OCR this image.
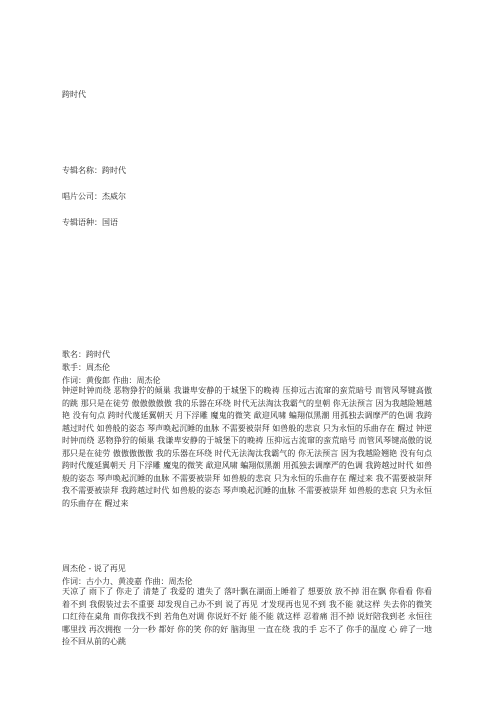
跨时代
专辑名称：跨时代
唱片公司：杰威尔
专辑语种：国语
歌名：跨时代
歌手：周杰伦
作词：黄俊郎 作曲：周杰伦
钟逆时钟而绕 恶物狰狞的倾巢 我谦卑安静的于城堡下的晚祷 压抑远古流窜的蛮荒暗号 而管风琴键高傲的跳 那只是在徒劳 傲傲傲傲傲 我的乐器在环绕 时代无法淘汰我霸气的皇朝 你无法预言 因为我越险翘越艳 没有句点 跨时代蔑延翼朝天 月下浮雕 魔鬼的微笑 歃迎风啸 蝙翔似黑潮 用孤独去调摩严的色调 我跨越过时代 如兽般的姿态 琴声唤起沉睡的血脉 不需要被崇拜 如兽般的悲哀 只为永恒的乐曲存在 醒过 钟逆时钟而绕 恶物狰狞的倾巢 我谦卑安静的于城堡下的晚祷 压抑远古流窜的蛮荒暗号 而管风琴键高傲的说 那只是在徒劳 傲傲傲傲傲 我的乐器在环绕 时代无法淘汰我霸气的 你无法预言 因为我越险翘艳 没有句点 跨时代蔑延翼朝天 月下浮雕 魔鬼的微笑 歃迎风啸 蝙翔似黑潮 用孤独去调摩严的色调 我跨越过时代 如兽般的姿态 琴声唤起沉睡的血脉 不需要被崇拜 如兽般的悲哀 只为永恒的乐曲存在 醒过来 我不需要被崇拜 我不需要被崇拜 我跨越过时代 如兽般的姿态 琴声唤起沉睡的血脉 不需要被崇拜 如兽般的悲哀 只为永恒的乐曲存在 醒过来
周杰伦 - 说了再见
作词：古小力、黄凌嘉 作曲：周杰伦
天凉了 雨下了 你走了 清楚了 我爱的 遗失了 落叶飘在湖面上睡着了 想要放 放不掉 泪在飘 你看看 你看着不到 我假装过去不重要 却发现自己办不到 说了再见 才发现再也见不到 我不能 就这样 失去你的微笑 口红待在桌角 而你我找不到 若角色对调 你说好不好 能不能 就这样 忍着痛 泪不掉 说好陪我到老 永恒往哪里找 再次拥抱 一分一秒 都好 你的笑 你的好 脑海里 一直在绕 我的手 忘不了 你手的温度 心 碎了一地 捡不回从前的心跳
